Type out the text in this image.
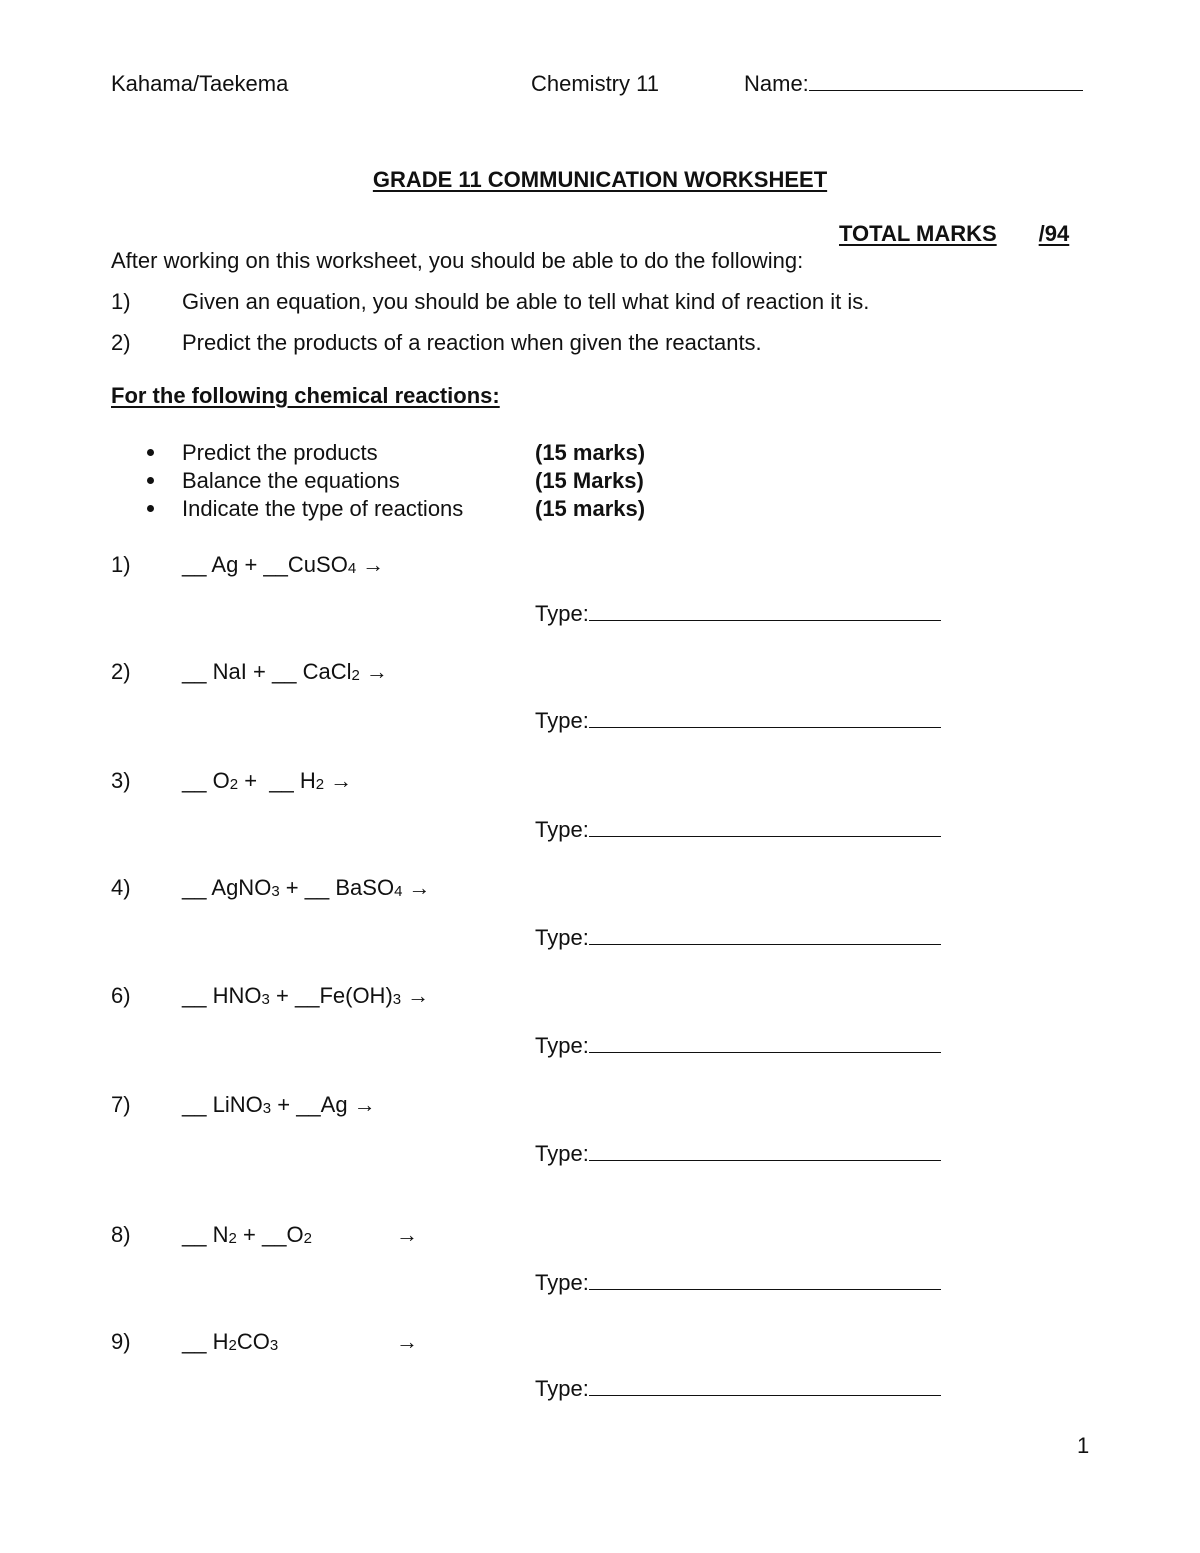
Kahama/Taekema	Chemistry 11	Name:
GRADE 11 COMMUNICATION WORKSHEET
TOTAL MARKS /94
After working on this worksheet, you should be able to do the following:
1) Given an equation, you should be able to tell what kind of reaction it is.
2) Predict the products of a reaction when given the reactants.
For the following chemical reactions:
Predict the products	(15 marks)
Balance the equations	(15 Marks)
Indicate the type of reactions	(15 marks)
1) __ Ag + __CuSO$_4$ →
Type:
2) __ NaI + __ CaCl$_2$ →
Type:
3) __ $O_2$ + __ $H_2$ →
Type:
4) __ AgNO$_3$ + __ BaSO$_4$ →
Type:
6) __ $HNO_3$ + $\_\_Fe(OH)_3$ →
Type:
7) __ LiNO$_3$ + __Ag →
Type:
8) __ $N_2$ + $\_\_O_2$	→
Type:
9) __ $H_2CO_3$	→
Type:
1
